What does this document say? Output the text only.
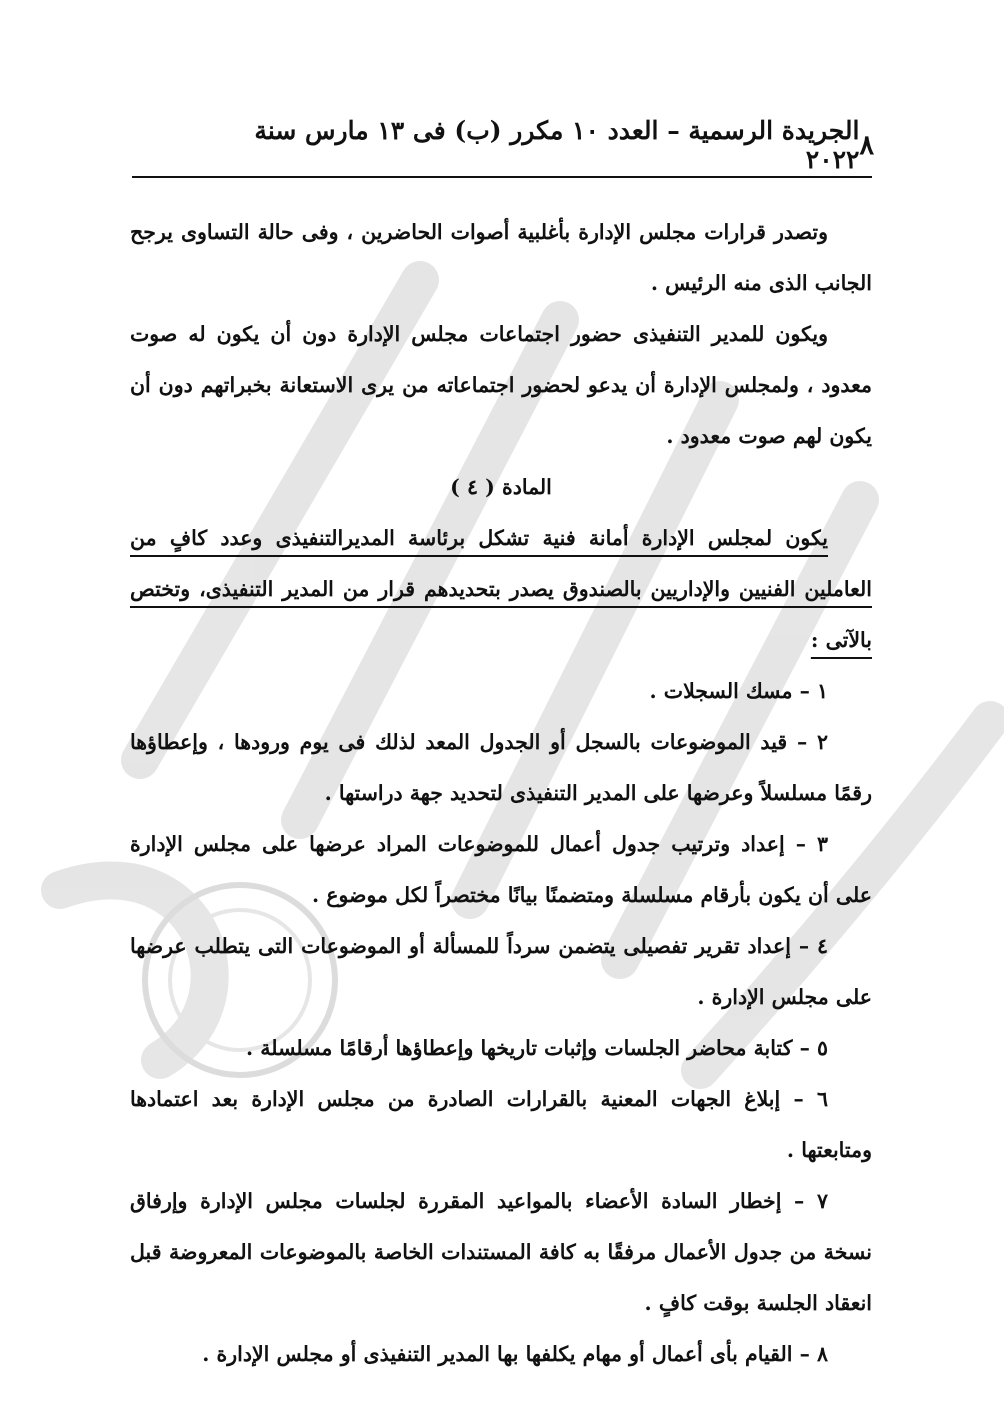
٨
الجريدة الرسمية – العدد ١٠ مكرر (ب) فى ١٣ مارس سنة ٢٠٢٢

وتصدر قرارات مجلس الإدارة بأغلبية أصوات الحاضرين ، وفى حالة التساوى يرجح الجانب الذى منه الرئيس .

ويكون للمدير التنفيذى حضور اجتماعات مجلس الإدارة دون أن يكون له صوت معدود ، ولمجلس الإدارة أن يدعو لحضور اجتماعاته من يرى الاستعانة بخبراتهم دون أن يكون لهم صوت معدود .

المادة ( ٤ )

يكون لمجلس الإدارة أمانة فنية تشكل برئاسة المديرالتنفيذى وعدد كافٍ من العاملين الفنيين والإداريين بالصندوق يصدر بتحديدهم قرار من المدير التنفيذى، وتختص بالآتى :

١ – مسك السجلات .

٢ – قيد الموضوعات بالسجل أو الجدول المعد لذلك فى يوم ورودها ، وإعطاؤها رقمًا مسلسلاً وعرضها على المدير التنفيذى لتحديد جهة دراستها .

٣ – إعداد وترتيب جدول أعمال للموضوعات المراد عرضها على مجلس الإدارة على أن يكون بأرقام مسلسلة ومتضمنًا بيانًا مختصراً لكل موضوع .

٤ – إعداد تقرير تفصيلى يتضمن سرداً للمسألة أو الموضوعات التى يتطلب عرضها على مجلس الإدارة .

٥ – كتابة محاضر الجلسات وإثبات تاريخها وإعطاؤها أرقامًا مسلسلة .

٦ – إبلاغ الجهات المعنية بالقرارات الصادرة من مجلس الإدارة بعد اعتمادها ومتابعتها .

٧ – إخطار السادة الأعضاء بالمواعيد المقررة لجلسات مجلس الإدارة وإرفاق نسخة من جدول الأعمال مرفقًا به كافة المستندات الخاصة بالموضوعات المعروضة قبل انعقاد الجلسة بوقت كافٍ .

٨ – القيام بأى أعمال أو مهام يكلفها بها المدير التنفيذى أو مجلس الإدارة .
